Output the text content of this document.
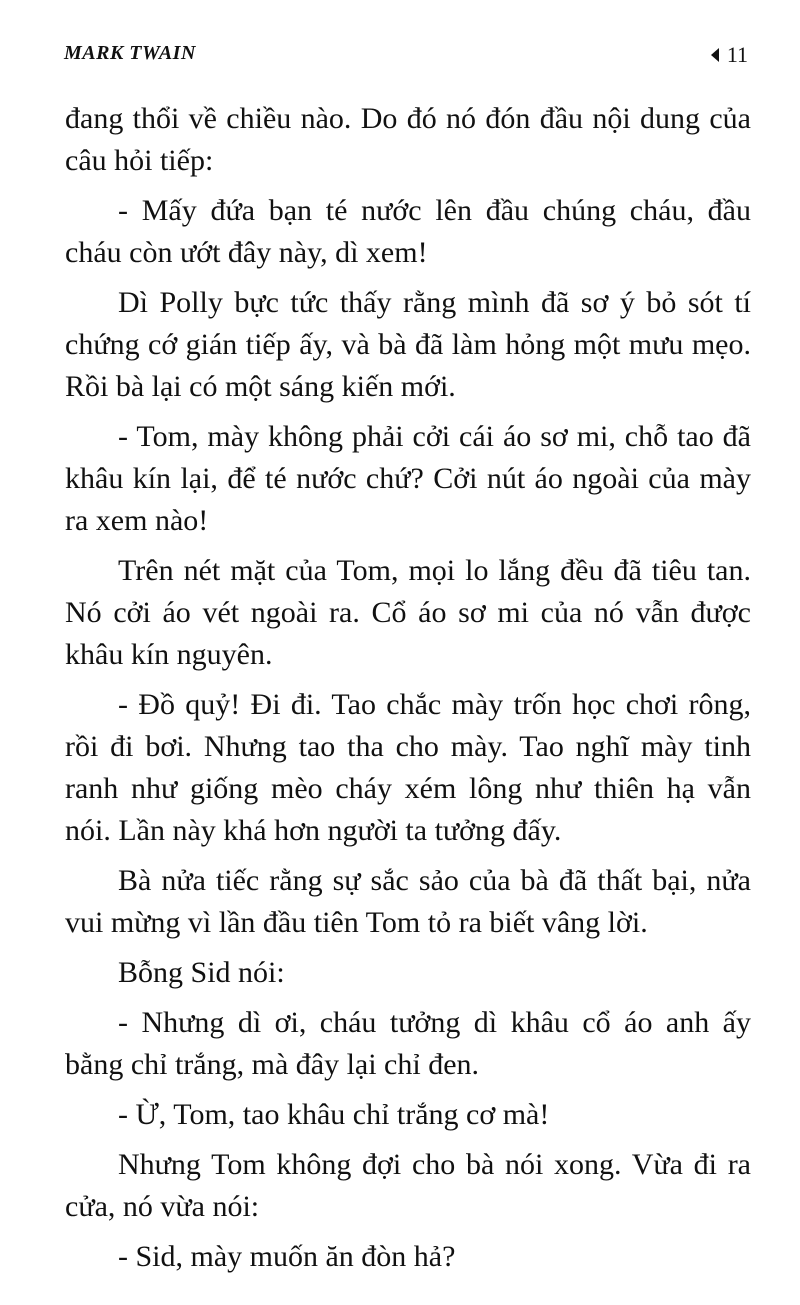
MARK TWAIN	11

đang thổi về chiều nào. Do đó nó đón đầu nội dung của câu hỏi tiếp:

- Mấy đứa bạn té nước lên đầu chúng cháu, đầu cháu còn ướt đây này, dì xem!

Dì Polly bực tức thấy rằng mình đã sơ ý bỏ sót tí chứng cớ gián tiếp ấy, và bà đã làm hỏng một mưu mẹo. Rồi bà lại có một sáng kiến mới.

- Tom, mày không phải cởi cái áo sơ mi, chỗ tao đã khâu kín lại, để té nước chứ? Cởi nút áo ngoài của mày ra xem nào!

Trên nét mặt của Tom, mọi lo lắng đều đã tiêu tan. Nó cởi áo vét ngoài ra. Cổ áo sơ mi của nó vẫn được khâu kín nguyên.

- Đồ quỷ! Đi đi. Tao chắc mày trốn học chơi rông, rồi đi bơi. Nhưng tao tha cho mày. Tao nghĩ mày tinh ranh như giống mèo cháy xém lông như thiên hạ vẫn nói. Lần này khá hơn người ta tưởng đấy.

Bà nửa tiếc rằng sự sắc sảo của bà đã thất bại, nửa vui mừng vì lần đầu tiên Tom tỏ ra biết vâng lời.

Bỗng Sid nói:

- Nhưng dì ơi, cháu tưởng dì khâu cổ áo anh ấy bằng chỉ trắng, mà đây lại chỉ đen.

- Ừ, Tom, tao khâu chỉ trắng cơ mà!

Nhưng Tom không đợi cho bà nói xong. Vừa đi ra cửa, nó vừa nói:

- Sid, mày muốn ăn đòn hả?
